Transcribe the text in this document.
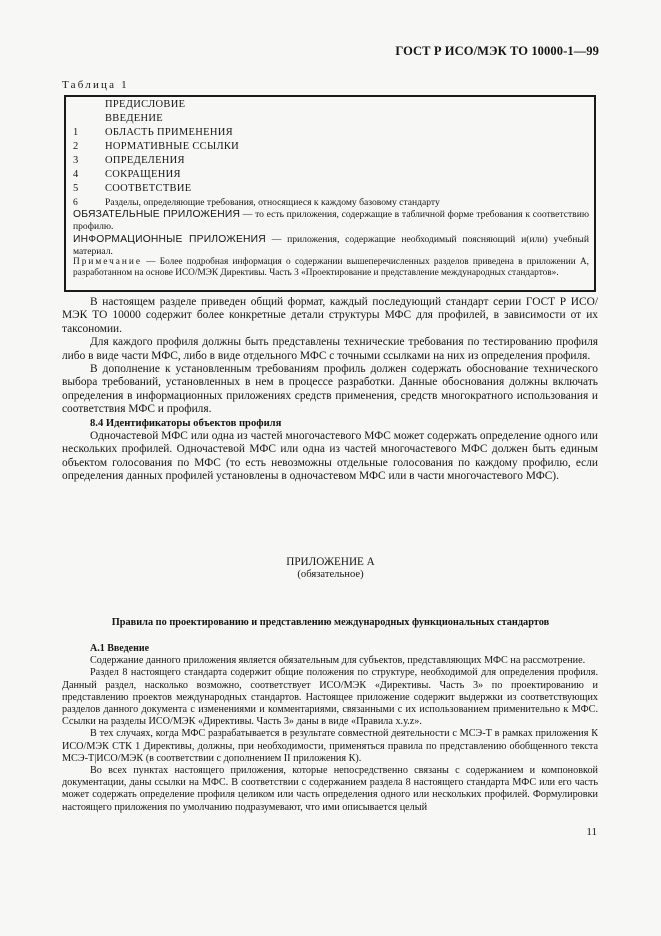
ГОСТ Р ИСО/МЭК ТО 10000-1—99
Таблица 1
ПРЕДИСЛОВИЕ
ВВЕДЕНИЕ
1	ОБЛАСТЬ ПРИМЕНЕНИЯ
2	НОРМАТИВНЫЕ ССЫЛКИ
3	ОПРЕДЕЛЕНИЯ
4	СОКРАЩЕНИЯ
5	СООТВЕТСТВИЕ
6	Разделы, определяющие требования, относящиеся к каждому базовому стандарту
ОБЯЗАТЕЛЬНЫЕ ПРИЛОЖЕНИЯ — то есть приложения, содержащие в табличной форме требования к соответствию профилю.
ИНФОРМАЦИОННЫЕ ПРИЛОЖЕНИЯ — приложения, содержащие необходимый поясняющий и(или) учебный материал.
Примечание — Более подробная информация о содержании вышеперечисленных разделов приведена в приложении А, разработанном на основе ИСО/МЭК Директивы. Часть 3 «Проектирование и представление международных стандартов».

В настоящем разделе приведен общий формат, каждый последующий стандарт серии ГОСТ Р ИСО/МЭК ТО 10000 содержит более конкретные детали структуры МФС для профилей, в зависимости от их таксономии.

Для каждого профиля должны быть представлены технические требования по тестированию профиля либо в виде части МФС, либо в виде отдельного МФС с точными ссылками на них из определения профиля.

В дополнение к установленным требованиям профиль должен содержать обоснование технического выбора требований, установленных в нем в процессе разработки. Данные обоснования должны включать определения в информационных приложениях средств применения, средств многократного использования и соответствия МФС и профиля.

8.4 Идентификаторы объектов профиля

Одночастевой МФС или одна из частей многочастевого МФС может содержать определение одного или нескольких профилей. Одночастевой МФС или одна из частей многочастевого МФС должен быть единым объектом голосования по МФС (то есть невозможны отдельные голосования по каждому профилю, если определения данных профилей установлены в одночастевом МФС или в части многочастевого МФС).

ПРИЛОЖЕНИЕ А
(обязательное)
Правила по проектированию и представлению международных функциональных стандартов

А.1 Введение

Содержание данного приложения является обязательным для субъектов, представляющих МФС на рассмотрение.

Раздел 8 настоящего стандарта содержит общие положения по структуре, необходимой для определения профиля. Данный раздел, насколько возможно, соответствует ИСО/МЭК «Директивы. Часть 3» по проектированию и представлению проектов международных стандартов. Настоящее приложение содержит выдержки из соответствующих разделов данного документа с изменениями и комментариями, связанными с их использованием применительно к МФС. Ссылки на разделы ИСО/МЭК «Директивы. Часть 3» даны в виде «Правила х.у.z».

В тех случаях, когда МФС разрабатывается в результате совместной деятельности с МСЭ-Т в рамках приложения К ИСО/МЭК СТК 1 Директивы, должны, при необходимости, применяться правила по представлению обобщенного текста МСЭ-Т|ИСО/МЭК (в соответствии с дополнением II приложения К).

Во всех пунктах настоящего приложения, которые непосредственно связаны с содержанием и компоновкой документации, даны ссылки на МФС. В соответствии с содержанием раздела 8 настоящего стандарта МФС или его часть может содержать определение профиля целиком или часть определения одного или нескольких профилей. Формулировки настоящего приложения по умолчанию подразумевают, что ими описывается целый

11
